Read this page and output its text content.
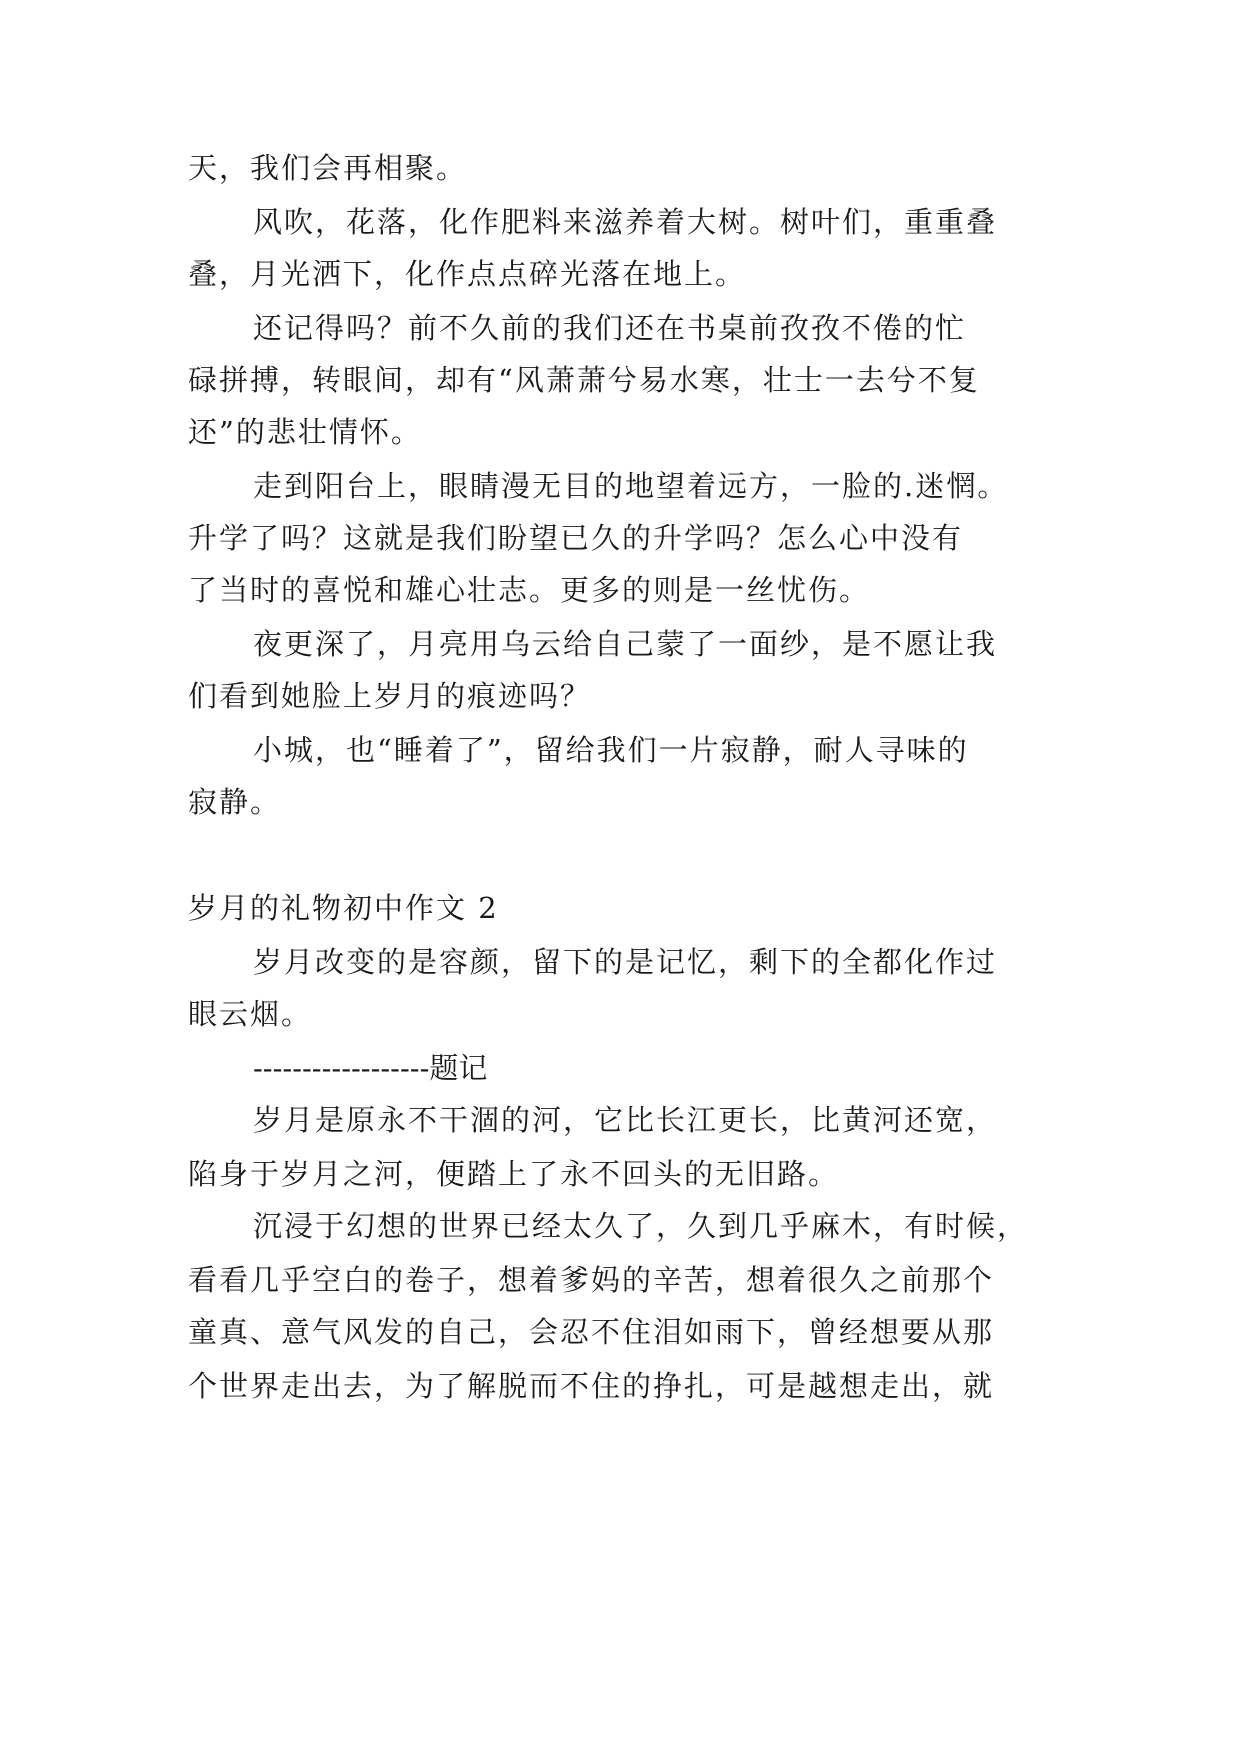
天，我们会再相聚。
风吹，花落，化作肥料来滋养着大树。树叶们，重重叠
叠，月光洒下，化作点点碎光落在地上。
还记得吗？前不久前的我们还在书桌前孜孜不倦的忙
碌拼搏，转眼间，却有“风萧萧兮易水寒，壮士一去兮不复
还”的悲壮情怀。
走到阳台上，眼睛漫无目的地望着远方，一脸的.迷惘。
升学了吗？这就是我们盼望已久的升学吗？怎么心中没有
了当时的喜悦和雄心壮志。更多的则是一丝忧伤。
夜更深了，月亮用乌云给自己蒙了一面纱，是不愿让我
们看到她脸上岁月的痕迹吗？
小城，也“睡着了”，留给我们一片寂静，耐人寻味的
寂静。
岁月的礼物初中作文 2
岁月改变的是容颜，留下的是记忆，剩下的全都化作过
眼云烟。
------------------题记
岁月是原永不干涸的河，它比长江更长，比黄河还宽，
陷身于岁月之河，便踏上了永不回头的无旧路。
沉浸于幻想的世界已经太久了，久到几乎麻木，有时候，
看看几乎空白的卷子，想着爹妈的辛苦，想着很久之前那个
童真、意气风发的自己，会忍不住泪如雨下，曾经想要从那
个世界走出去，为了解脱而不住的挣扎，可是越想走出，就
